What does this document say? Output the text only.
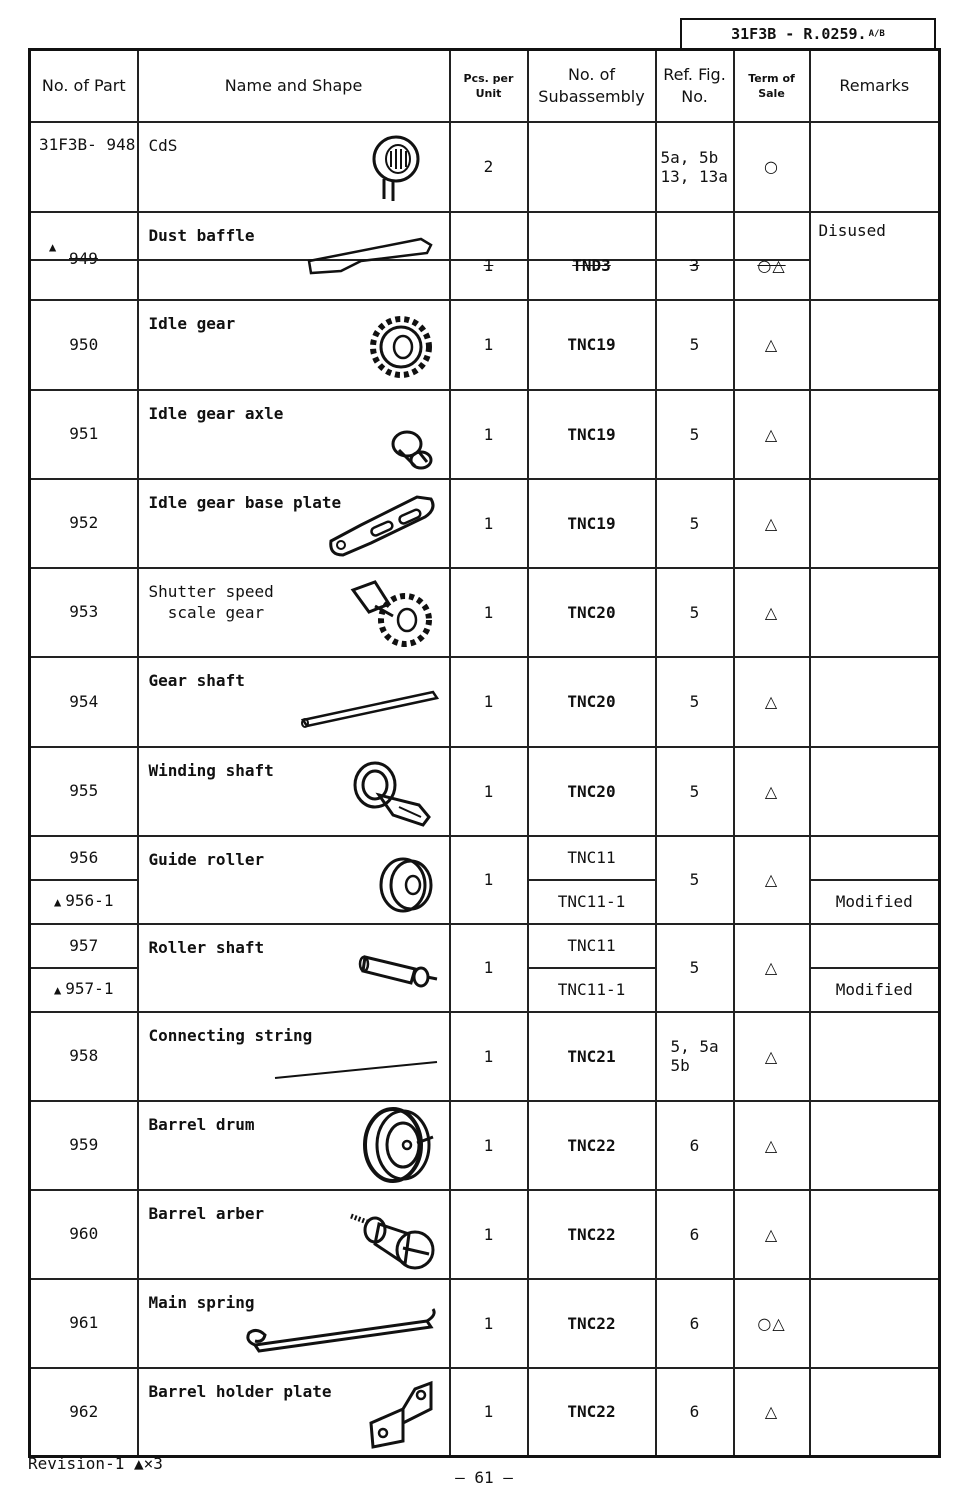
31F3B - R.0259. A/B
No. of Part	Name and Shape	Pcs. per Unit	No. of Subassembly	Ref. Fig. No.	Term of Sale	Remarks
31F3B- 948	CdS	2		5a, 5b 13, 13a	○	

▲
949	Dust baffle	1	TND3	3	○△	Disused
950	Idle gear	1	TNC19	5	△	
951	Idle gear axle	1	TNC19	5	△	
952	Idle gear base plate	1	TNC19	5	△	
953	Shutter speed
scale gear	1	TNC20	5	△	
954	Gear shaft	1	TNC20	5	△	
955	Winding shaft	1	TNC20	5	△	
956	Guide roller	1	TNC11	5	△	
▲ 956-1			TNC11-1			Modified
957	Roller shaft	1	TNC11	5	△	
▲ 957-1			TNC11-1			Modified
958	Connecting string	1	TNC21	5, 5a 5b	△	
959	Barrel drum	1	TNC22	6	△	
960	Barrel arber	1	TNC22	6	△	
961	Main spring	1	TNC22	6	○△	
962	Barrel holder plate	1	TNC22	6	△	
Revision-1 ▲×3
— 61 —
